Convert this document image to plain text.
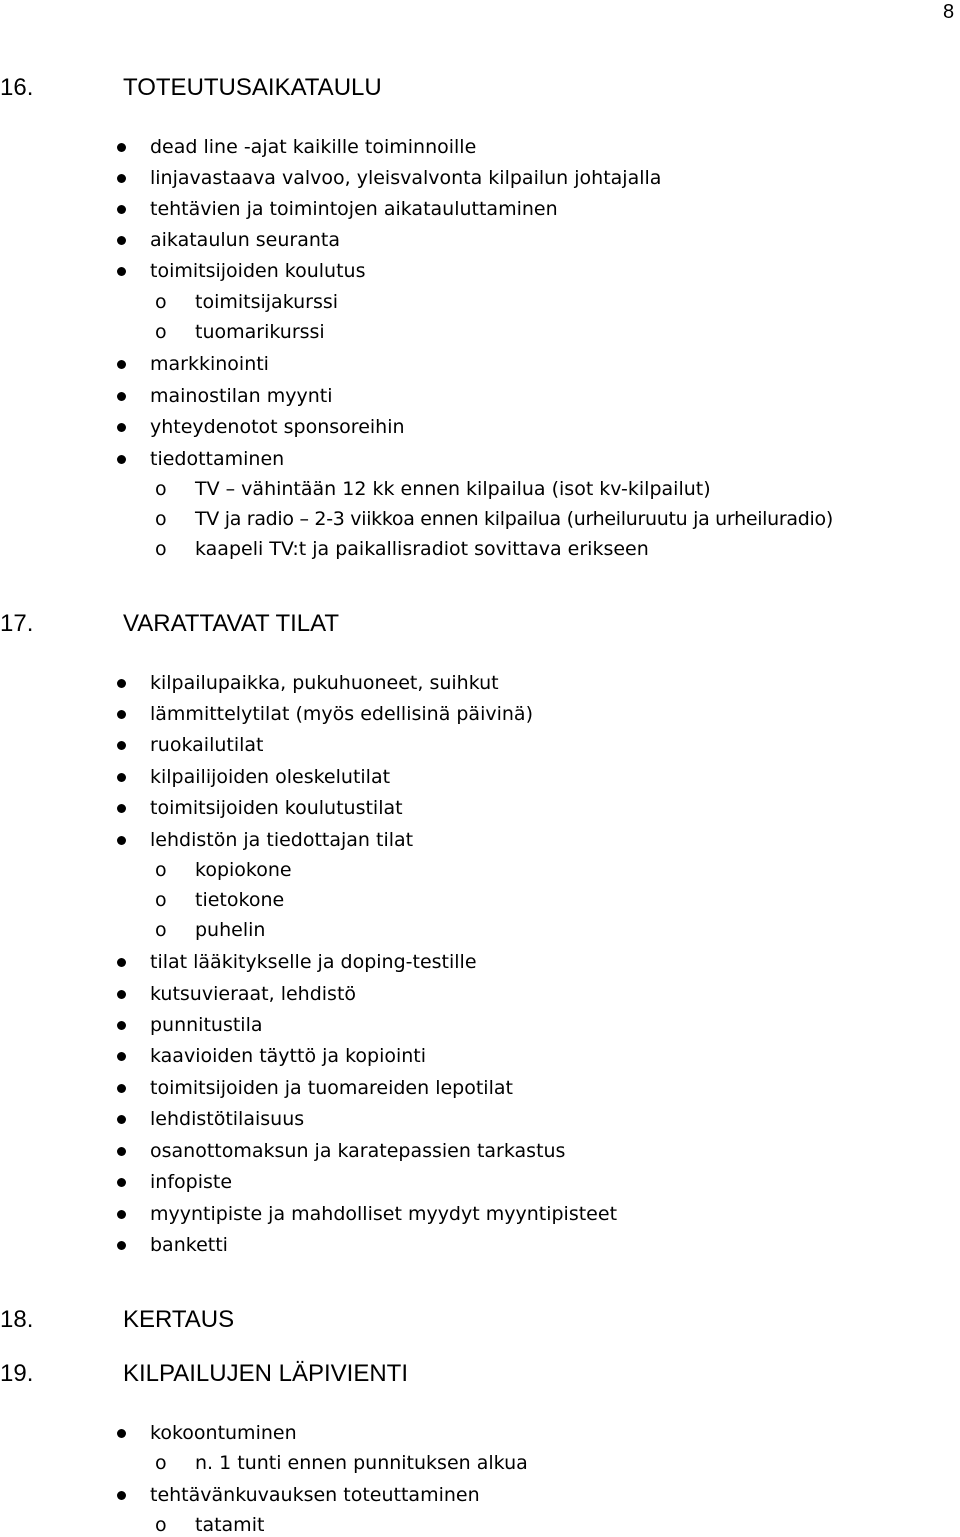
8
16.	TOTEUTUSAIKATAULU
dead line -ajat kaikille toiminnoille
linjavastaava valvoo, yleisvalvonta kilpailun johtajalla
tehtävien ja toimintojen aikatauluttaminen
aikataulun seuranta
toimitsijoiden koulutus
o toimitsijakurssi
o tuomarikurssi
markkinointi
mainostilan myynti
yhteydenotot sponsoreihin
tiedottaminen
o TV – vähintään 12 kk ennen kilpailua (isot kv-kilpailut)
o TV ja radio – 2-3 viikkoa ennen kilpailua (urheiluruutu ja urheiluradio)
o kaapeli TV:t ja paikallisradiot sovittava erikseen
17.	VARATTAVAT TILAT
kilpailupaikka, pukuhuoneet, suihkut
lämmittelytilat (myös edellisinä päivinä)
ruokailutilat
kilpailijoiden oleskelutilat
toimitsijoiden koulutustilat
lehdistön ja tiedottajan tilat
o kopiokone
o tietokone
o puhelin
tilat lääkitykselle ja doping-testille
kutsuvieraat, lehdistö
punnitustila
kaavioiden täyttö ja kopiointi
toimitsijoiden ja tuomareiden lepotilat
lehdistötilaisuus
osanottomaksun ja karatepassien tarkastus
infopiste
myyntipiste ja mahdolliset myydyt myyntipisteet
banketti
18.	KERTAUS
19.	KILPAILUJEN LÄPIVIENTI
kokoontuminen
o n. 1 tunti ennen punnituksen alkua
tehtävänkuvauksen toteuttaminen
o tatamit
